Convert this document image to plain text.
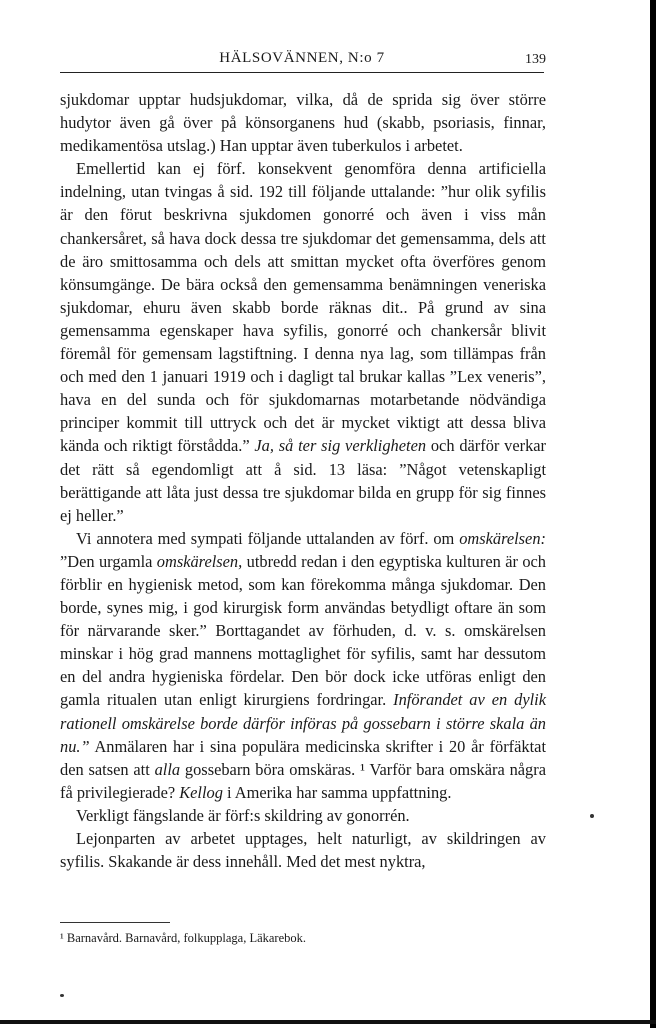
HÄLSOVÄNNEN, N:o 7	139

sjukdomar upptar hudsjukdomar, vilka, då de sprida sig över större hudytor även gå över på könsorganens hud (skabb, psoriasis, finnar, medikamentösa utslag.) Han upptar även tuberkulos i arbetet.

Emellertid kan ej förf. konsekvent genomföra denna artificiella indelning, utan tvingas å sid. 192 till följande uttalande: ”hur olik syfilis är den förut beskrivna sjukdomen gonorré och även i viss mån chankersåret, så hava dock dessa tre sjukdomar det gemensamma, dels att de äro smittosamma och dels att smittan mycket ofta överföres genom könsumgänge. De bära också den gemensamma benämningen veneriska sjukdomar, ehuru även skabb borde räknas dit.. På grund av sina gemensamma egenskaper hava syfilis, gonorré och chankersår blivit föremål för gemensam lagstiftning. I denna nya lag, som tillämpas från och med den 1 januari 1919 och i dagligt tal brukar kallas ”Lex veneris”, hava en del sunda och för sjukdomarnas motarbetande nödvändiga principer kommit till uttryck och det är mycket viktigt att dessa bliva kända och riktigt förstådda.” Ja, så ter sig verkligheten och därför verkar det rätt så egendomligt att å sid. 13 läsa: ”Något vetenskapligt berättigande att låta just dessa tre sjukdomar bilda en grupp för sig finnes ej heller.”

Vi annotera med sympati följande uttalanden av förf. om omskärelsen: ”Den urgamla omskärelsen, utbredd redan i den egyptiska kulturen är och förblir en hygienisk metod, som kan förekomma många sjukdomar. Den borde, synes mig, i god kirurgisk form användas betydligt oftare än som för närvarande sker.” Borttagandet av förhuden, d. v. s. omskärelsen minskar i hög grad mannens mottaglighet för syfilis, samt har dessutom en del andra hygieniska fördelar. Den bör dock icke utföras enligt den gamla ritualen utan enligt kirurgiens fordringar. Införandet av en dylik rationell omskärelse borde därför införas på gossebarn i större skala än nu.” Anmälaren har i sina populära medicinska skrifter i 20 år förfäktat den satsen att alla gossebarn böra omskäras. ¹ Varför bara omskära några få privilegierade? Kellog i Amerika har samma uppfattning.

Verkligt fängslande är förf:s skildring av gonorrén.

Lejonparten av arbetet upptages, helt naturligt, av skildringen av syfilis. Skakande är dess innehåll. Med det mest nyktra,

¹ Barnavård. Barnavård, folkupplaga, Läkarebok.
